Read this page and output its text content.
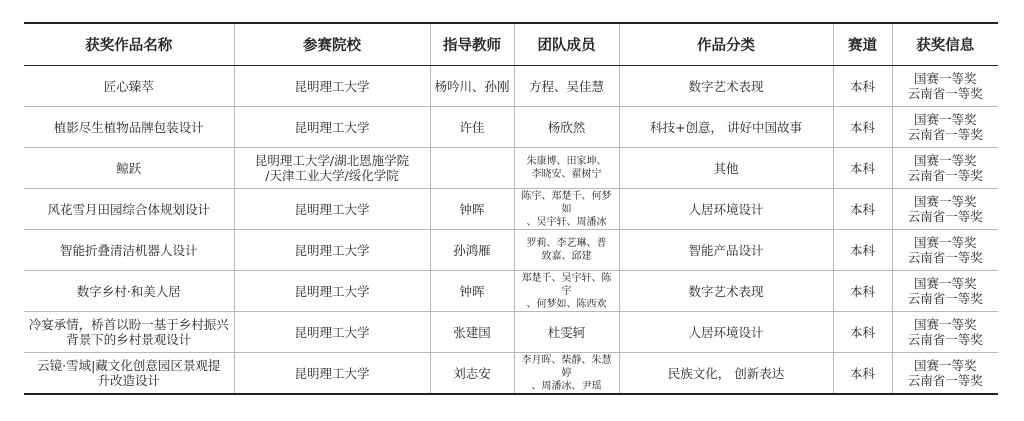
获奖作品名称	参赛院校	指导教师	团队成员	作品分类	赛道	获奖信息

匠心臻萃	昆明理工大学	杨吟川、孙刚	方程、吴佳慧	数字艺术表现	本科	国赛一等奖
云南省一等奖

植影尽生植物品牌包装设计	昆明理工大学	许佳	杨欣然	科技+创意， 讲好中国故事	本科	国赛一等奖
云南省一等奖

鲸跃	昆明理工大学/湖北恩施学院
/天津工业大学/绥化学院		朱康博、田家坤、
李晓安、翟树宁	其他	本科	国赛一等奖
云南省一等奖

风花雪月田园综合体规划设计	昆明理工大学	钟晖	陈宇、郑楚千、何梦如
、吴宇轩、周潘冰	人居环境设计	本科	国赛一等奖
云南省一等奖

智能折叠清洁机器人设计	昆明理工大学	孙鸿雁	罗莉、李艺琳、普
致嘉、邱建	智能产品设计	本科	国赛一等奖
云南省一等奖

数字乡村·和美人居	昆明理工大学	钟晖	郑楚千、吴宇轩、陈宇
、何梦如、陈西欢	数字艺术表现	本科	国赛一等奖
云南省一等奖

冷宴承情，桥首以盼一基于乡村振兴
背景下的乡村景观设计	昆明理工大学	张建国	杜雯轲	人居环境设计	本科	国赛一等奖
云南省一等奖

云镜·雪域|藏文化创意园区景观提
升改造设计	昆明理工大学	刘志安	李月晖、柴静、朱慧婷
、周潘冰、尹瑶	民族文化， 创新表达	本科	国赛一等奖
云南省一等奖
